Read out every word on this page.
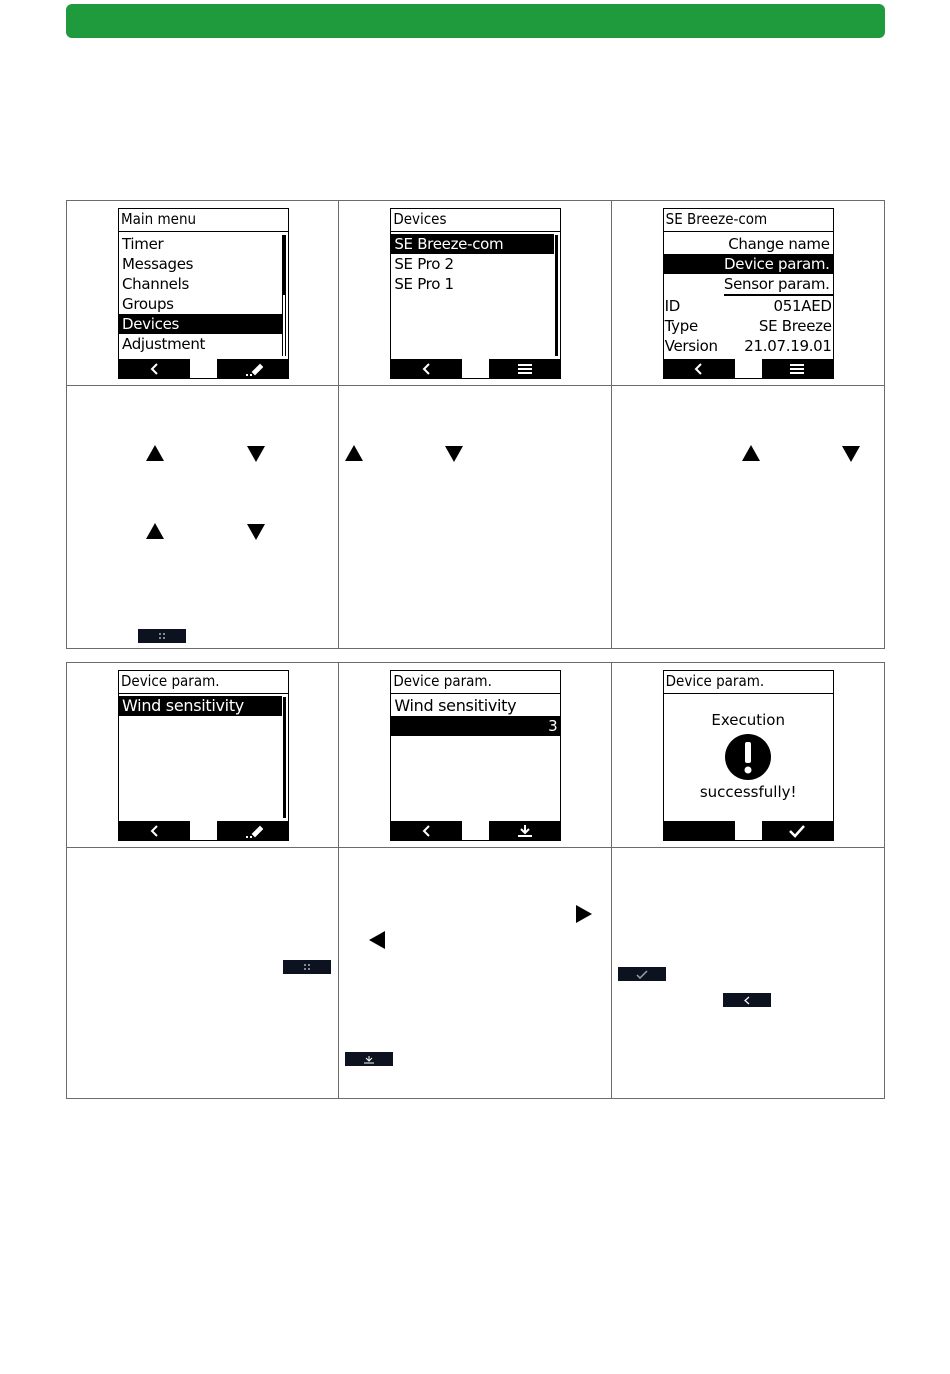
Main menu
Timer
Messages
Channels
Groups
Devices
Adjustment
Devices
SE Breeze-com
SE Pro 2
SE Pro 1
SE Breeze-com
Change name
Device param.
Sensor param.
ID	051AED
Type	SE Breeze
Version 21.07.19.01
Device param.
Wind sensitivity
Device param.
Wind sensitivity
3
Device param.
Execution
successfully!
